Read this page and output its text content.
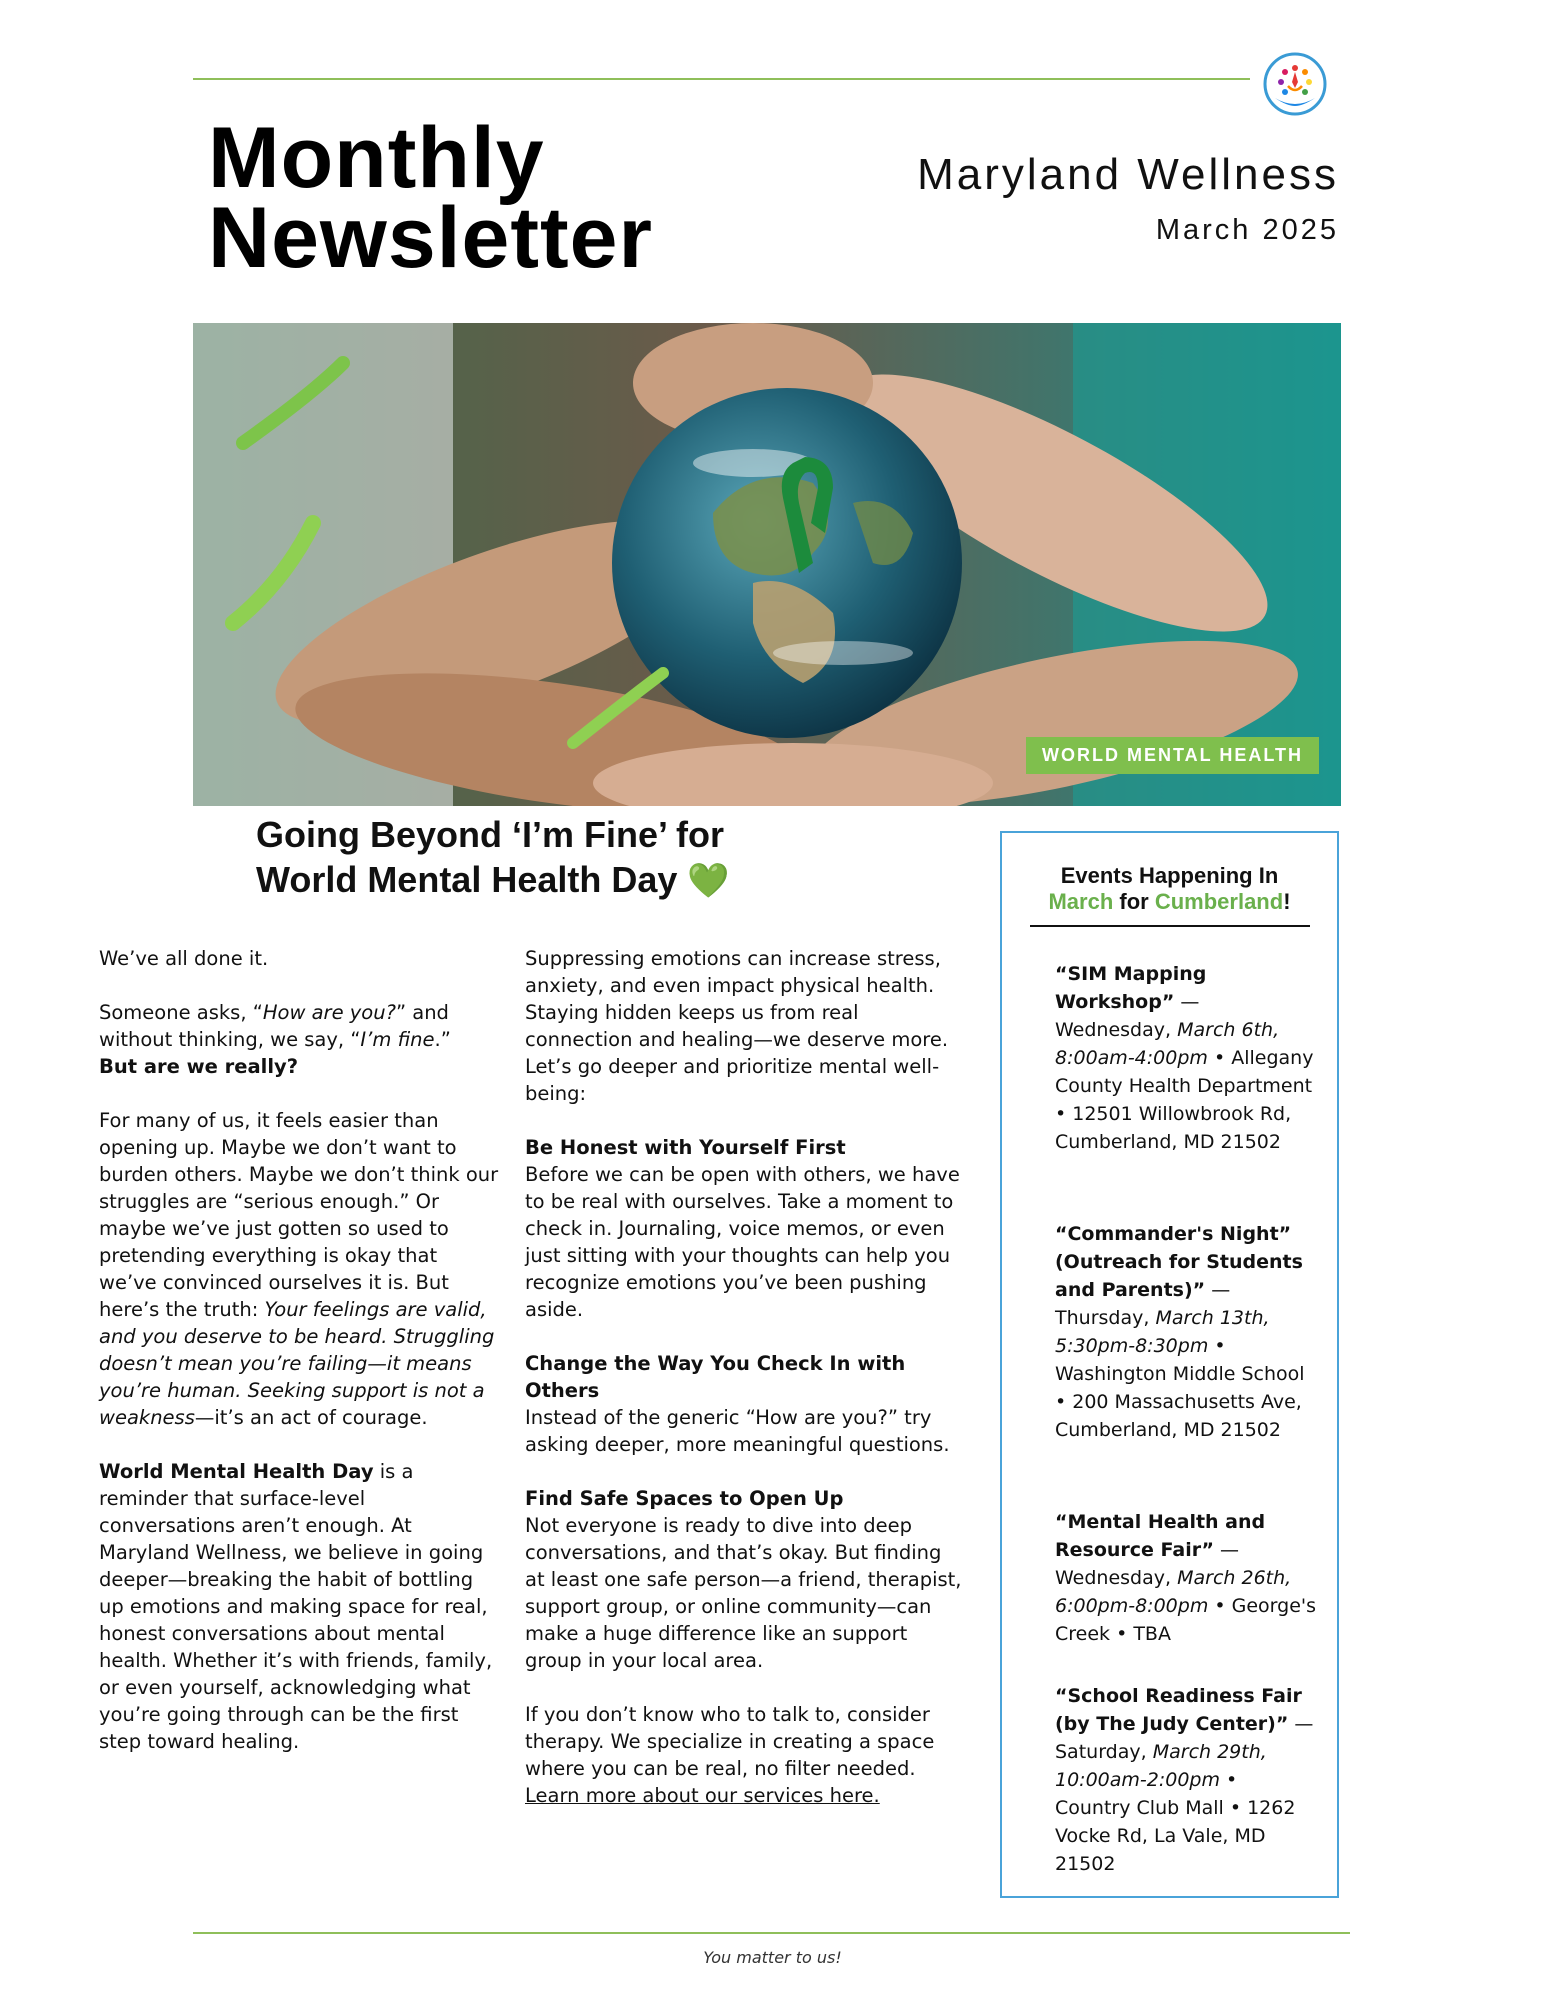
Monthly
Newsletter

Maryland Wellness

March 2025

WORLD MENTAL HEALTH
Going Beyond ‘I’m Fine’ for
World Mental Health Day 💚

We’ve all done it.

Someone asks, “How are you?” and without thinking, we say, “I’m fine.”
But are we really?

For many of us, it feels easier than opening up. Maybe we don’t want to burden others. Maybe we don’t think our struggles are “serious enough.” Or maybe we’ve just gotten so used to pretending everything is okay that we’ve convinced ourselves it is. But here’s the truth: Your feelings are valid, and you deserve to be heard. Struggling doesn’t mean you’re failing—it means you’re human. Seeking support is not a weakness—it’s an act of courage.

World Mental Health Day is a reminder that surface-level conversations aren’t enough. At Maryland Wellness, we believe in going deeper—breaking the habit of bottling up emotions and making space for real, honest conversations about mental health. Whether it’s with friends, family, or even yourself, acknowledging what you’re going through can be the first step toward healing.

Suppressing emotions can increase stress, anxiety, and even impact physical health. Staying hidden keeps us from real connection and healing—we deserve more. Let’s go deeper and prioritize mental well-being:

Be Honest with Yourself First
Before we can be open with others, we have to be real with ourselves. Take a moment to check in. Journaling, voice memos, or even just sitting with your thoughts can help you recognize emotions you’ve been pushing aside.

Change the Way You Check In with Others
Instead of the generic “How are you?” try asking deeper, more meaningful questions.

Find Safe Spaces to Open Up
Not everyone is ready to dive into deep conversations, and that’s okay. But finding at least one safe person—a friend, therapist, support group, or online community—can make a huge difference like an support group in your local area.

If you don’t know who to talk to, consider therapy. We specialize in creating a space where you can be real, no filter needed. Learn more about our services here.

Events Happening In
March for Cumberland!
“SIM Mapping Workshop” — Wednesday, March 6th, 8:00am-4:00pm • Allegany County Health Department • 12501 Willowbrook Rd, Cumberland, MD 21502
“Commander's Night” (Outreach for Students and Parents)” — Thursday, March 13th, 5:30pm-8:30pm • Washington Middle School • 200 Massachusetts Ave, Cumberland, MD 21502
“Mental Health and Resource Fair” — Wednesday, March 26th, 6:00pm-8:00pm • George's Creek • TBA
“School Readiness Fair (by The Judy Center)” — Saturday, March 29th, 10:00am-2:00pm • Country Club Mall • 1262 Vocke Rd, La Vale, MD 21502
You matter to us!
